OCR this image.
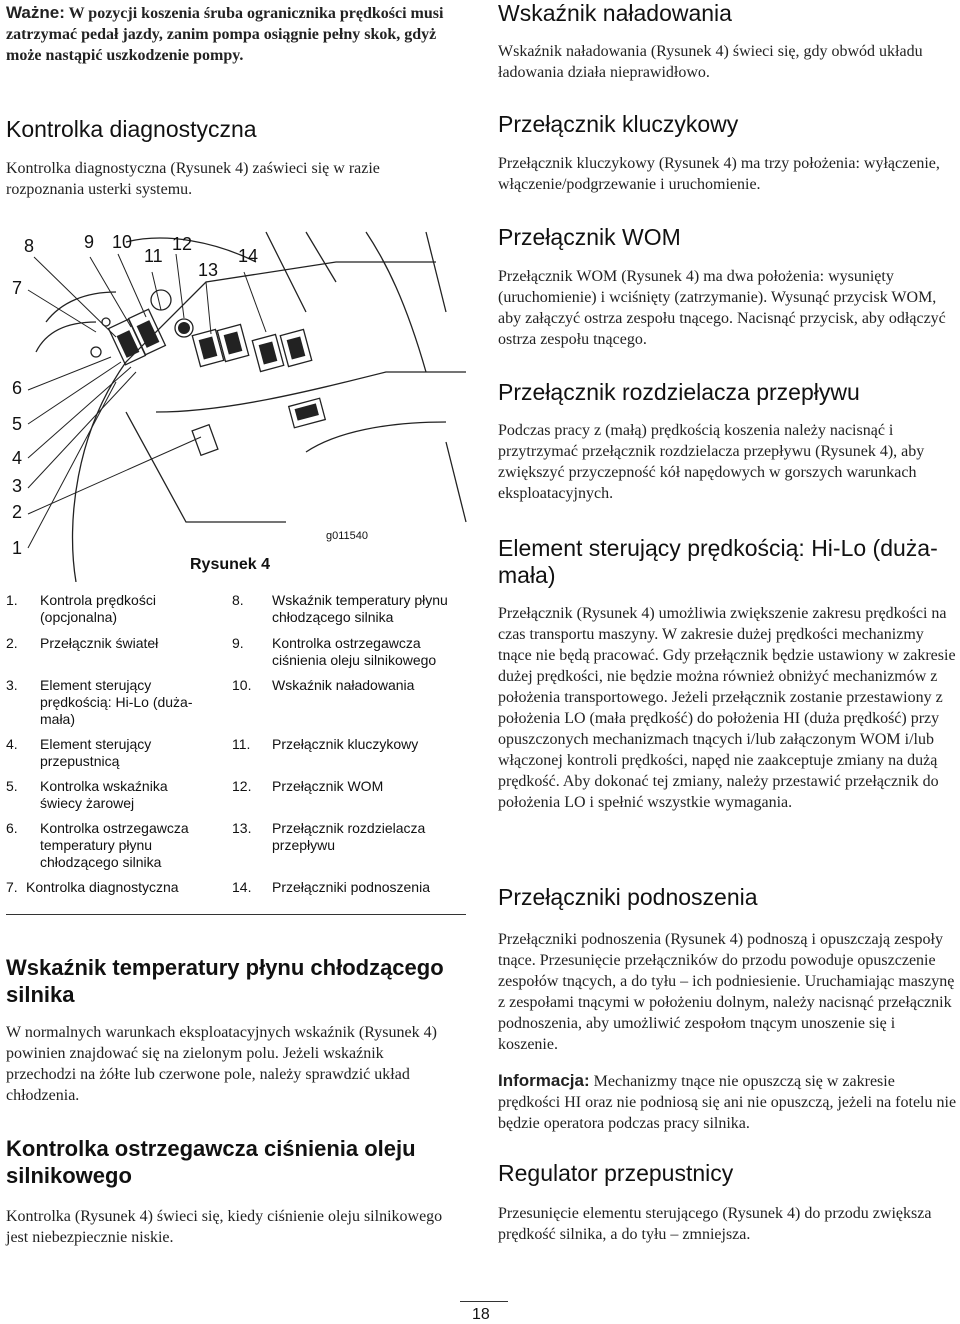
Ważne: W pozycji koszenia śruba ogranicznika prędkości musi zatrzymać pedał jazdy, zanim pompa osiągnie pełny skok, gdyż może nastąpić uszkodzenie pompy.
Kontrolka diagnostyczna

Kontrolka diagnostyczna (Rysunek 4) zaświeci się w razie rozpoznania usterki systemu.

8	9 10
11
12
13
14
7
6
5
4
3
2
1
g011540
Rysunek 4
1. Kontrola prędkości (opcjonalna)
2. Przełącznik świateł
3. Element sterujący prędkością: Hi-Lo (duża-mała)
4. Element sterujący przepustnicą
5. Kontrolka wskaźnika świecy żarowej
6. Kontrolka ostrzegawcza temperatury płynu chłodzącego silnika
7. Kontrolka diagnostyczna
8. Wskaźnik temperatury płynu chłodzącego silnika
9. Kontrolka ostrzegawcza ciśnienia oleju silnikowego
10. Wskaźnik naładowania
11. Przełącznik kluczykowy
12. Przełącznik WOM
13. Przełącznik rozdzielacza przepływu
14. Przełączniki podnoszenia
Wskaźnik temperatury płynu chłodzącego silnika

W normalnych warunkach eksploatacyjnych wskaźnik (Rysunek 4) powinien znajdować się na zielonym polu. Jeżeli wskaźnik przechodzi na żółte lub czerwone pole, należy sprawdzić układ chłodzenia.

Kontrolka ostrzegawcza ciśnienia oleju silnikowego

Kontrolka (Rysunek 4) świeci się, kiedy ciśnienie oleju silnikowego jest niebezpiecznie niskie.

Wskaźnik naładowania

Wskaźnik naładowania (Rysunek 4) świeci się, gdy obwód układu ładowania działa nieprawidłowo.

Przełącznik kluczykowy

Przełącznik kluczykowy (Rysunek 4) ma trzy położenia: wyłączenie, włączenie/podgrzewanie i uruchomienie.

Przełącznik WOM

Przełącznik WOM (Rysunek 4) ma dwa położenia: wysunięty (uruchomienie) i wciśnięty (zatrzymanie). Wysunąć przycisk WOM, aby załączyć ostrza zespołu tnącego. Nacisnąć przycisk, aby odłączyć ostrza zespołu tnącego.

Przełącznik rozdzielacza przepływu

Podczas pracy z (małą) prędkością koszenia należy nacisnąć i przytrzymać przełącznik rozdzielacza przepływu (Rysunek 4), aby zwiększyć przyczepność kół napędowych w gorszych warunkach eksploatacyjnych.

Element sterujący prędkością: Hi-Lo (duża-mała)

Przełącznik (Rysunek 4) umożliwia zwiększenie zakresu prędkości na czas transportu maszyny. W zakresie dużej prędkości mechanizmy tnące nie będą pracować. Gdy przełącznik będzie ustawiony w zakresie dużej prędkości, nie będzie można również obniżyć mechanizmów z położenia transportowego. Jeżeli przełącznik zostanie przestawiony z położenia LO (mała prędkość) do położenia HI (duża prędkość) przy opuszczonych mechanizmach tnących i/lub załączonym WOM i/lub włączonej kontroli prędkości, napęd nie zaakceptuje zmiany na dużą prędkość. Aby dokonać tej zmiany, należy przestawić przełącznik do położenia LO i spełnić wszystkie wymagania.

Przełączniki podnoszenia

Przełączniki podnoszenia (Rysunek 4) podnoszą i opuszczają zespoły tnące. Przesunięcie przełączników do przodu powoduje opuszczenie zespołów tnących, a do tyłu – ich podniesienie. Uruchamiając maszynę z zespołami tnącymi w położeniu dolnym, należy nacisnąć przełącznik podnoszenia, aby umożliwić zespołom tnącym unoszenie się i koszenie.

Informacja: Mechanizmy tnące nie opuszczą się w zakresie prędkości HI oraz nie podniosą się ani nie opuszczą, jeżeli na fotelu nie będzie operatora podczas pracy silnika.
Regulator przepustnicy

Przesunięcie elementu sterującego (Rysunek 4) do przodu zwiększa prędkość silnika, a do tyłu – zmniejsza.

18
